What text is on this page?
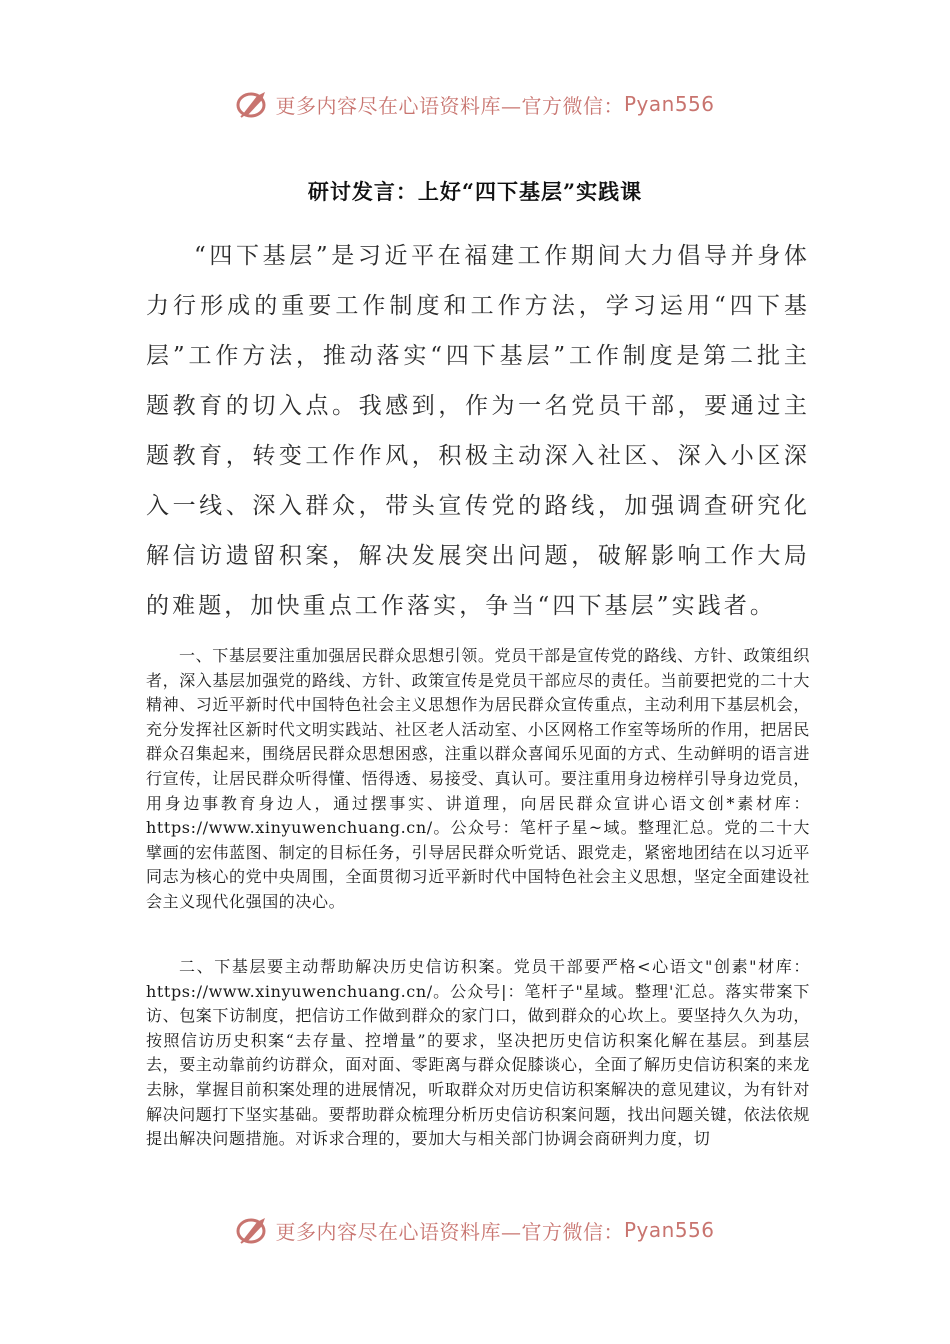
更多内容尽在心语资料库—官方微信： Pyan556
研讨发言：上好“四下基层”实践课

“四下基层”是习近平在福建工作期间大力倡导并身体力行形成的重要工作制度和工作方法，学习运用“四下基层”工作方法，推动落实“四下基层”工作制度是第二批主题教育的切入点。我感到，作为一名党员干部，要通过主题教育，转变工作作风，积极主动深入社区、深入小区深入一线、深入群众，带头宣传党的路线，加强调查研究化解信访遗留积案，解决发展突出问题，破解影响工作大局的难题，加快重点工作落实，争当“四下基层”实践者。

一、下基层要注重加强居民群众思想引领。党员干部是宣传党的路线、方针、政策组织者，深入基层加强党的路线、方针、政策宣传是党员干部应尽的责任。当前要把党的二十大精神、习近平新时代中国特色社会主义思想作为居民群众宣传重点，主动利用下基层机会，充分发挥社区新时代文明实践站、社区老人活动室、小区网格工作室等场所的作用，把居民群众召集起来，围绕居民群众思想困惑，注重以群众喜闻乐见面的方式、生动鲜明的语言进行宣传，让居民群众听得懂、悟得透、易接受、真认可。要注重用身边榜样引导身边党员，用身边事教育身边人，通过摆事实、讲道理，向居民群众宣讲心语文创*素材库：https://www.xinyuwenchuang.cn/。公众号：笔杆子星~域。整理汇总。党的二十大擘画的宏伟蓝图、制定的目标任务，引导居民群众听党话、跟党走，紧密地团结在以习近平同志为核心的党中央周围，全面贯彻习近平新时代中国特色社会主义思想，坚定全面建设社会主义现代化强国的决心。

二、下基层要主动帮助解决历史信访积案。党员干部要严格<心语文"创素"材库：https://www.xinyuwenchuang.cn/。公众号|：笔杆子"星域。整理'汇总。落实带案下访、包案下访制度，把信访工作做到群众的家门口，做到群众的心坎上。要坚持久久为功，按照信访历史积案“去存量、控增量”的要求，坚决把历史信访积案化解在基层。到基层去，要主动靠前约访群众，面对面、零距离与群众促膝谈心，全面了解历史信访积案的来龙去脉，掌握目前积案处理的进展情况，听取群众对历史信访积案解决的意见建议，为有针对解决问题打下坚实基础。要帮助群众梳理分析历史信访积案问题，找出问题关键，依法依规提出解决问题措施。对诉求合理的，要加大与相关部门协调会商研判力度，切

更多内容尽在心语资料库—官方微信： Pyan556
